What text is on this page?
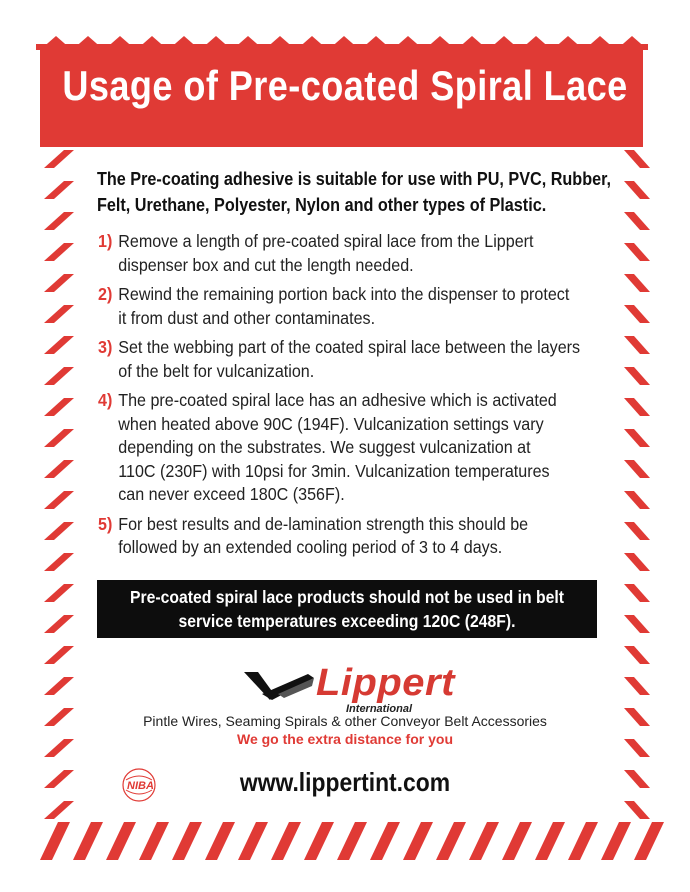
Usage of Pre-coated Spiral Lace
The Pre-coating adhesive is suitable for use with PU, PVC, Rubber,
Felt, Urethane, Polyester, Nylon and other types of Plastic.
1) Remove a length of pre-coated spiral lace from the Lippert
dispenser box and cut the length needed.
2) Rewind the remaining portion back into the dispenser to protect
it from dust and other contaminates.
3) Set the webbing part of the coated spiral lace between the layers
of the belt for vulcanization.
4) The pre-coated spiral lace has an adhesive which is activated
when heated above 90C (194F). Vulcanization settings vary
depending on the substrates. We suggest vulcanization at
110C (230F) with 10psi for 3min. Vulcanization temperatures
can never exceed 180C (356F).
5) For best results and de-lamination strength this should be
followed by an extended cooling period of 3 to 4 days.
Pre-coated spiral lace products should not be used in belt
service temperatures exceeding 120C (248F).
Lippert
International
Pintle Wires, Seaming Spirals & other Conveyor Belt Accessories
We go the extra distance for you
NIBA	www.lippertint.com
